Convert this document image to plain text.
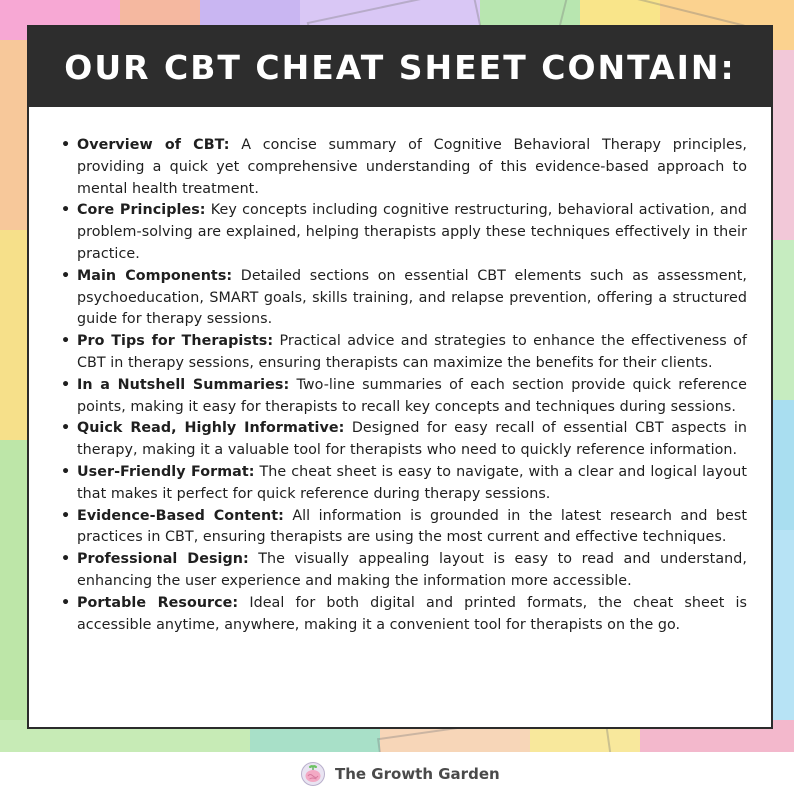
OUR CBT CHEAT SHEET CONTAIN:
• Overview of CBT: A concise summary of Cognitive Behavioral Therapy principles, providing a quick yet comprehensive understanding of this evidence-based approach to mental health treatment.
• Core Principles: Key concepts including cognitive restructuring, behavioral activation, and problem-solving are explained, helping therapists apply these techniques effectively in their practice.
• Main Components: Detailed sections on essential CBT elements such as assessment, psychoeducation, SMART goals, skills training, and relapse prevention, offering a structured guide for therapy sessions.
• Pro Tips for Therapists: Practical advice and strategies to enhance the effectiveness of CBT in therapy sessions, ensuring therapists can maximize the benefits for their clients.
• In a Nutshell Summaries: Two-line summaries of each section provide quick reference points, making it easy for therapists to recall key concepts and techniques during sessions.
• Quick Read, Highly Informative: Designed for easy recall of essential CBT aspects in therapy, making it a valuable tool for therapists who need to quickly reference information.
• User-Friendly Format: The cheat sheet is easy to navigate, with a clear and logical layout that makes it perfect for quick reference during therapy sessions.
• Evidence-Based Content: All information is grounded in the latest research and best practices in CBT, ensuring therapists are using the most current and effective techniques.
• Professional Design: The visually appealing layout is easy to read and understand, enhancing the user experience and making the information more accessible.
• Portable Resource: Ideal for both digital and printed formats, the cheat sheet is accessible anytime, anywhere, making it a convenient tool for therapists on the go.
The Growth Garden
